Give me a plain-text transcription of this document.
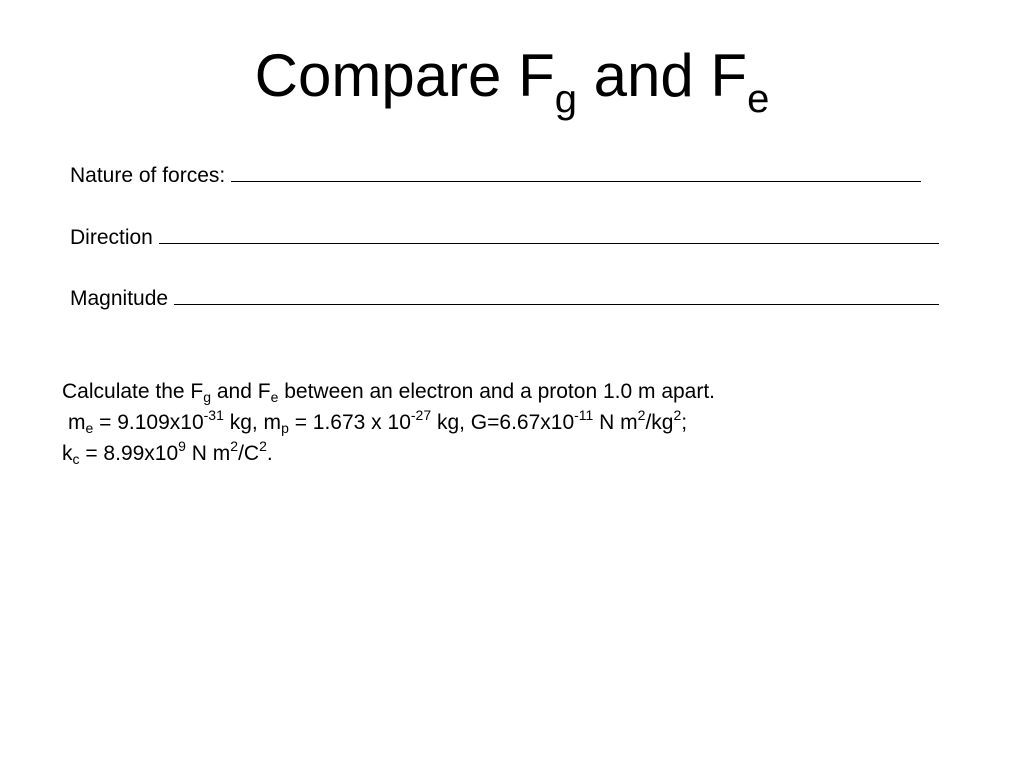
Compare $F_g$ and $F_e$
Nature of forces:
Direction
Magnitude
Calculate the Fg and Fe between an electron and a proton 1.0 m apart.
me = $9.109x10^{-31}$ kg, mp = 1.673 x $10^{-27}$ kg, $G=6.67x10^{-11}$ N $m^2/kg^2$;
kc = $8.99x10^9$ N $m^2/C^2$.
